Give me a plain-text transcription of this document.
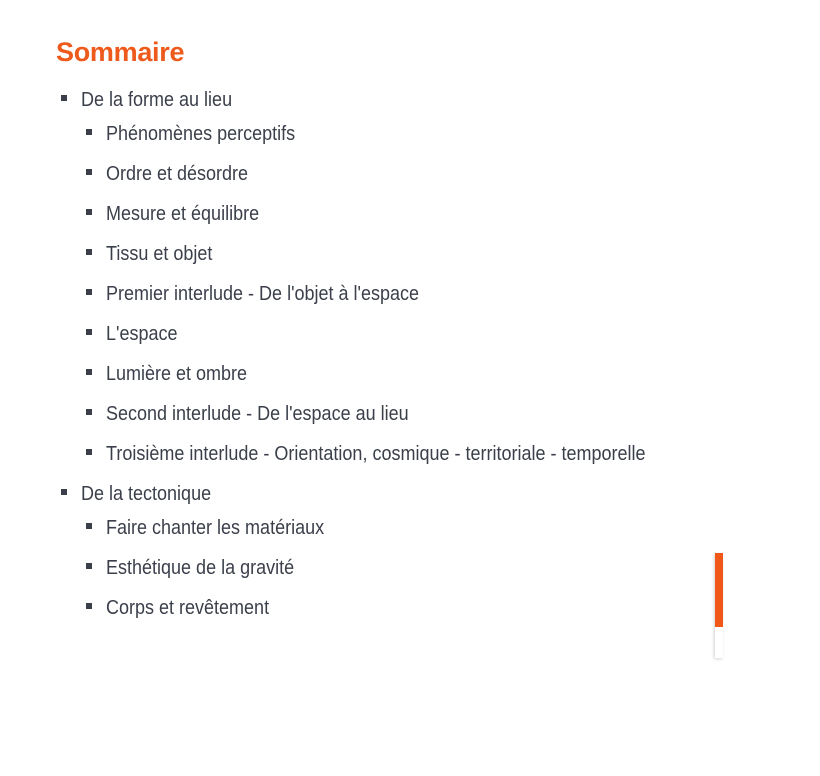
Sommaire
De la forme au lieu
Phénomènes perceptifs
Ordre et désordre
Mesure et équilibre
Tissu et objet
Premier interlude - De l'objet à l'espace
L'espace
Lumière et ombre
Second interlude - De l'espace au lieu
Troisième interlude - Orientation, cosmique - territoriale - temporelle
De la tectonique
Faire chanter les matériaux
Esthétique de la gravité
Corps et revêtement
